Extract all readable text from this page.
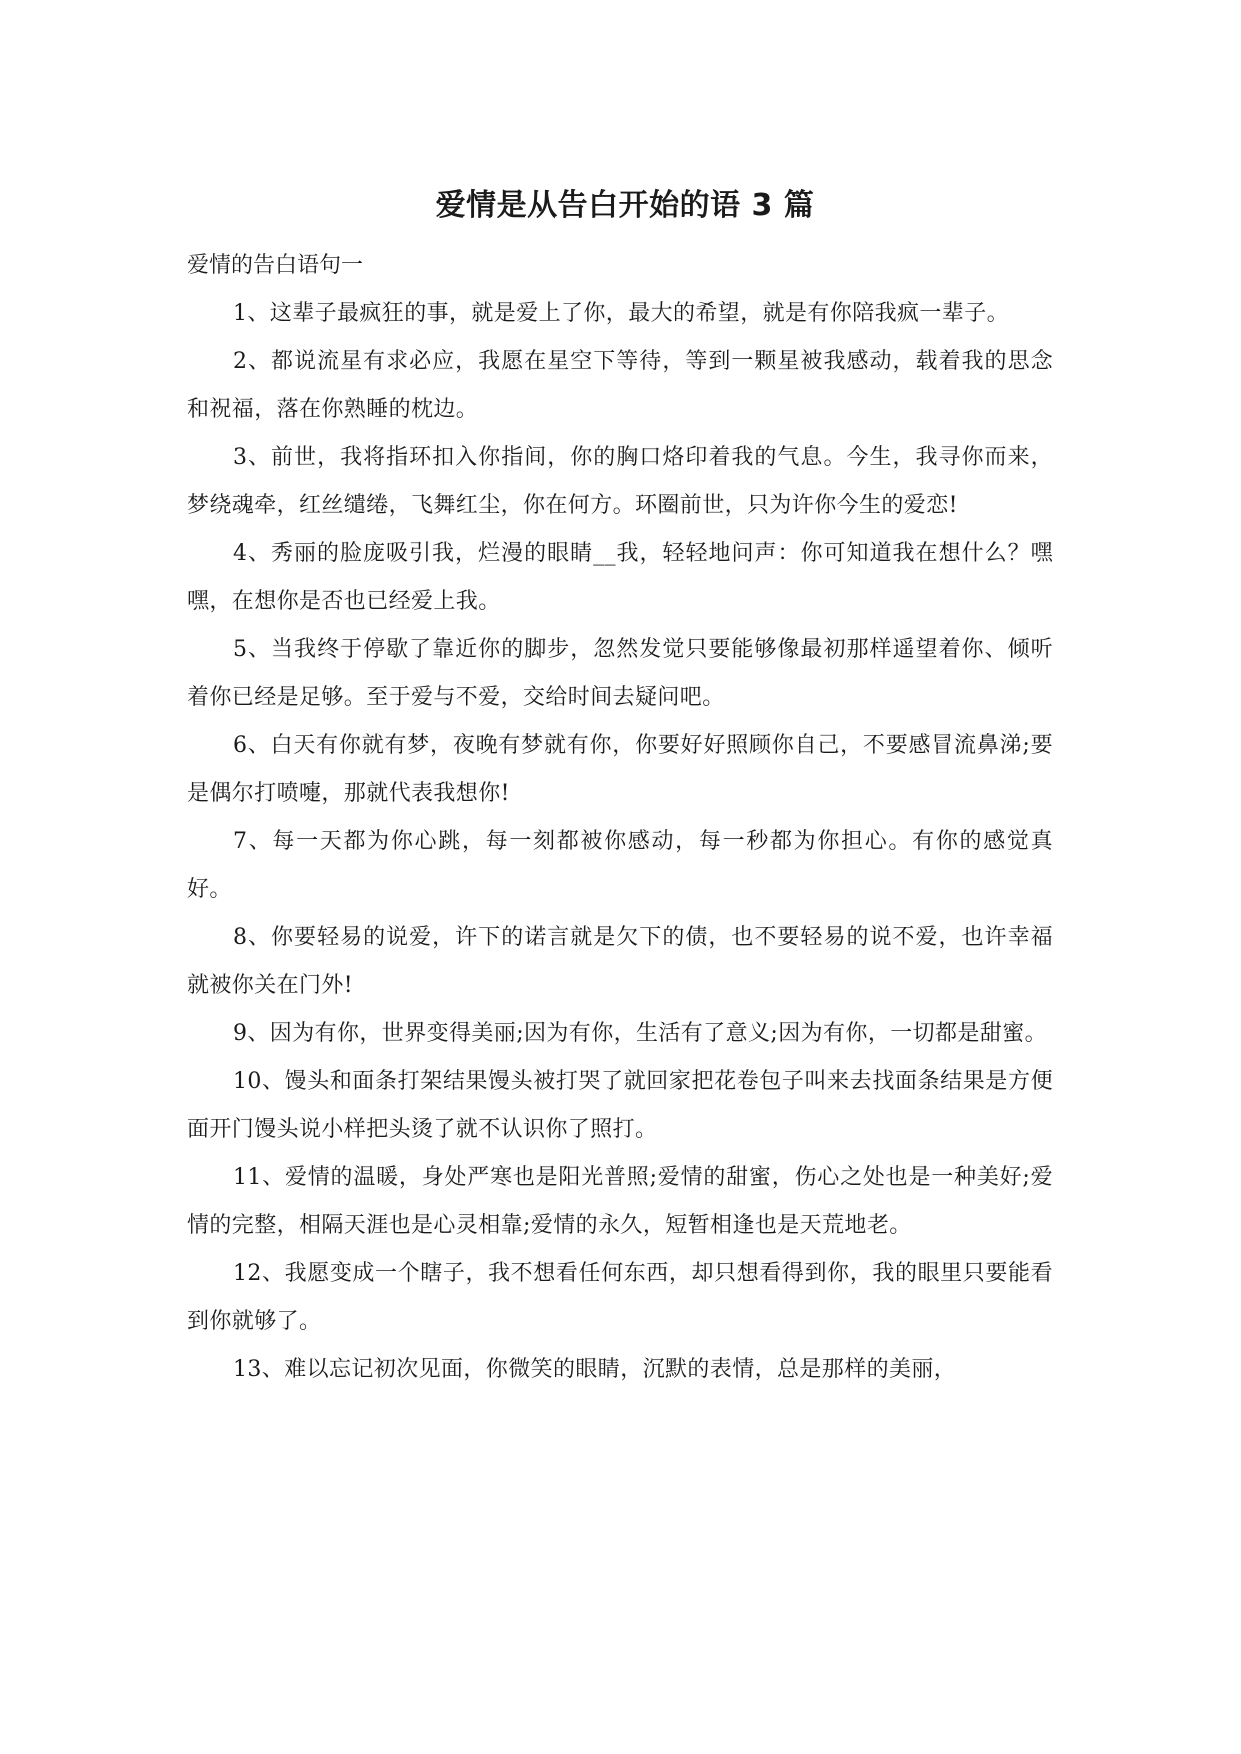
爱情是从告白开始的语 3 篇

爱情的告白语句一

1、这辈子最疯狂的事，就是爱上了你，最大的希望，就是有你陪我疯一辈子。

2、都说流星有求必应，我愿在星空下等待，等到一颗星被我感动，载着我的思念和祝福，落在你熟睡的枕边。

3、前世，我将指环扣入你指间，你的胸口烙印着我的气息。今生，我寻你而来，梦绕魂牵，红丝缱绻，飞舞红尘，你在何方。环圈前世，只为许你今生的爱恋!

4、秀丽的脸庞吸引我，烂漫的眼睛__我，轻轻地问声：你可知道我在想什么？嘿嘿，在想你是否也已经爱上我。

5、当我终于停歇了靠近你的脚步，忽然发觉只要能够像最初那样遥望着你、倾听着你已经是足够。至于爱与不爱，交给时间去疑问吧。

6、白天有你就有梦，夜晚有梦就有你，你要好好照顾你自己，不要感冒流鼻涕;要是偶尔打喷嚏，那就代表我想你!

7、每一天都为你心跳，每一刻都被你感动，每一秒都为你担心。有你的感觉真好。

8、你要轻易的说爱，许下的诺言就是欠下的债，也不要轻易的说不爱，也许幸福就被你关在门外!

9、因为有你，世界变得美丽;因为有你，生活有了意义;因为有你，一切都是甜蜜。

10、馒头和面条打架结果馒头被打哭了就回家把花卷包子叫来去找面条结果是方便面开门馒头说小样把头烫了就不认识你了照打。

11、爱情的温暖，身处严寒也是阳光普照;爱情的甜蜜，伤心之处也是一种美好;爱情的完整，相隔天涯也是心灵相靠;爱情的永久，短暂相逢也是天荒地老。

12、我愿变成一个瞎子，我不想看任何东西，却只想看得到你，我的眼里只要能看到你就够了。

13、难以忘记初次见面，你微笑的眼睛，沉默的表情，总是那样的美丽，
